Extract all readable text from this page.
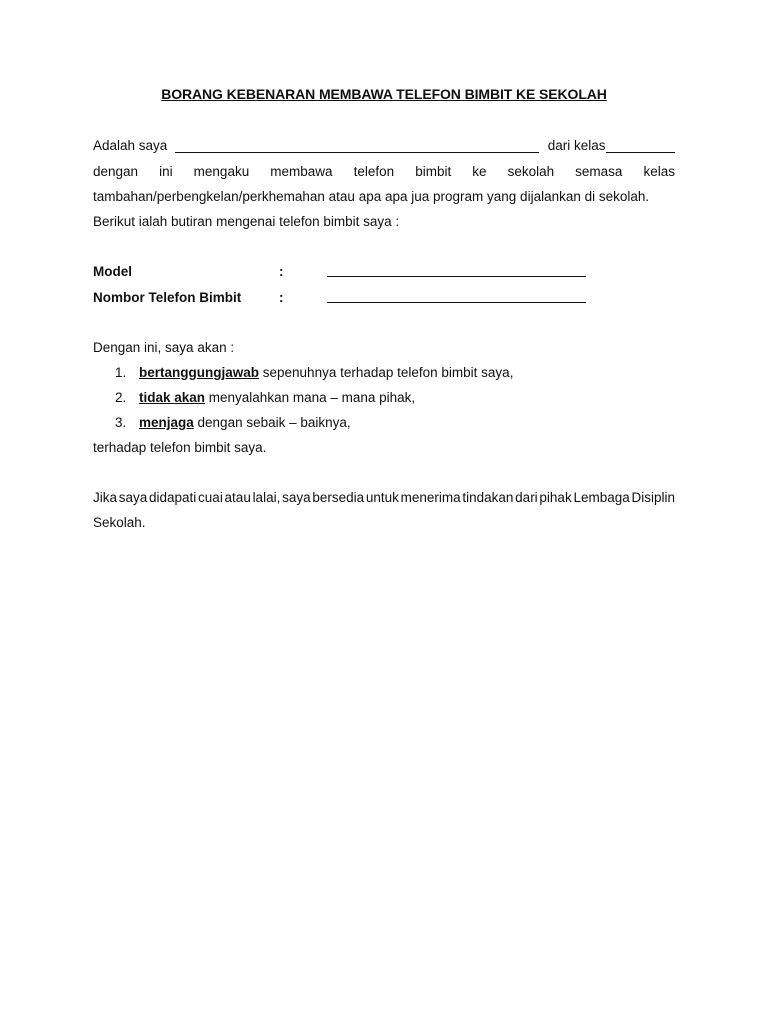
BORANG KEBENARAN MEMBAWA TELEFON BIMBIT KE SEKOLAH
Adalah saya	dari kelas
dengan ini mengaku membawa telefon bimbit ke sekolah semasa kelas
tambahan/perbengkelan/perkhemahan atau apa apa jua program yang dijalankan di sekolah.
Berikut ialah butiran mengenai telefon bimbit saya :
Model	:
Nombor Telefon Bimbit	:
Dengan ini, saya akan :
1. bertanggungjawab sepenuhnya terhadap telefon bimbit saya,
2. tidak akan menyalahkan mana – mana pihak,
3. menjaga dengan sebaik – baiknya,
terhadap telefon bimbit saya.
Jika saya didapati cuai atau lalai, saya bersedia untuk menerima tindakan dari pihak Lembaga Disiplin
Sekolah.
